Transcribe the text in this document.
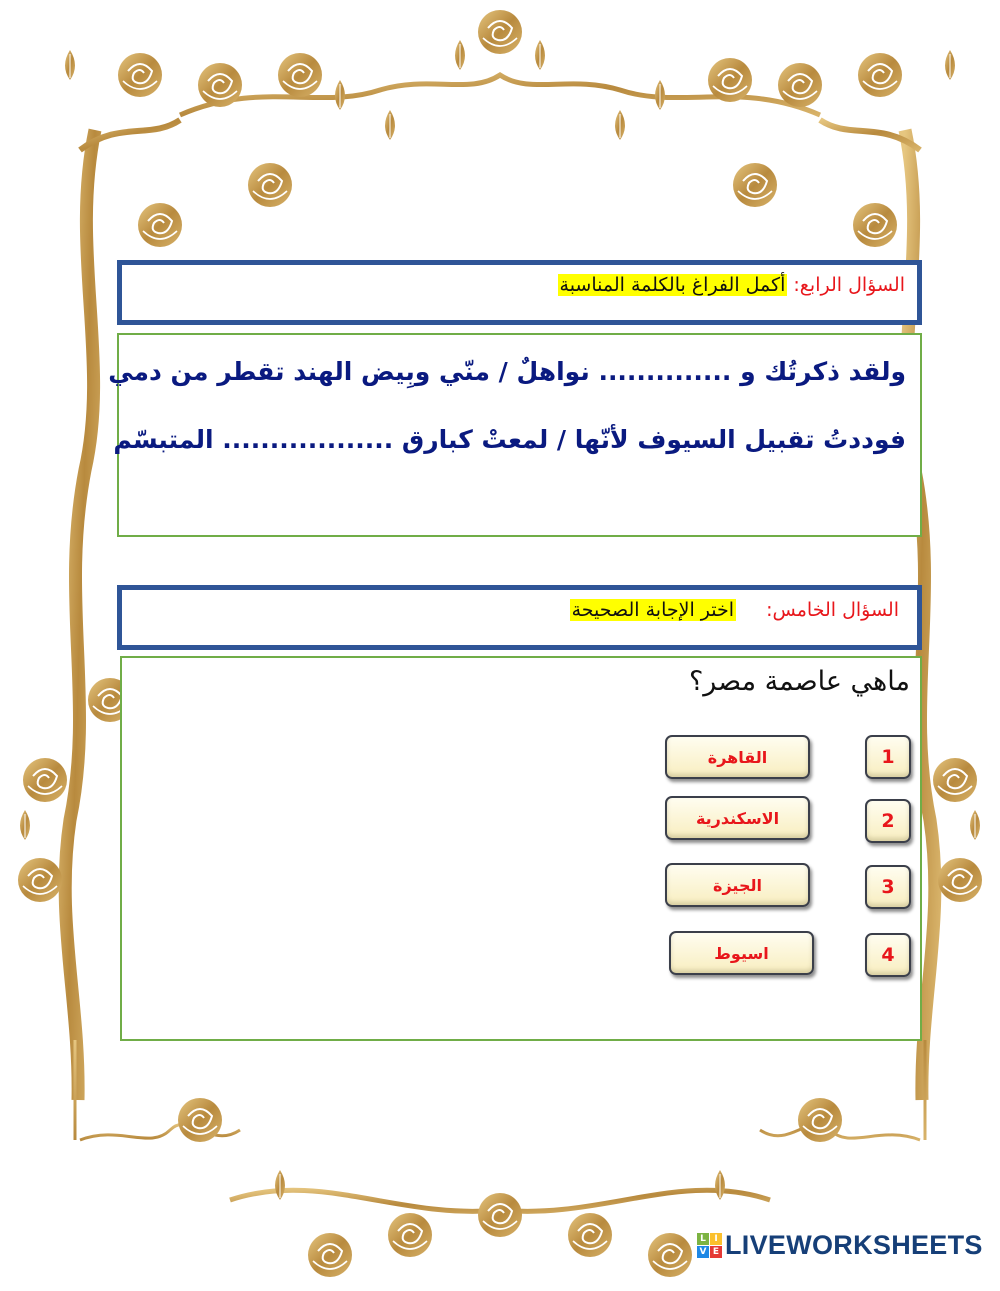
السؤال الرابع: أكمل الفراغ بالكلمة المناسبة
ولقد ذكرتُك و .............. نواهلٌ / منّي وبِيض الهند تقطر من دمي
فوددتُ تقبيل السيوف لأنّها / لمعتْ كبارق .................. المتبسّم
السؤال الخامس:  اختر الإجابة الصحيحة
ماهي عاصمة مصر؟
1
القاهرة
2
الاسكندرية
3
الجيزة
4
اسيوط
L I
V E LIVEWORKSHEETS
